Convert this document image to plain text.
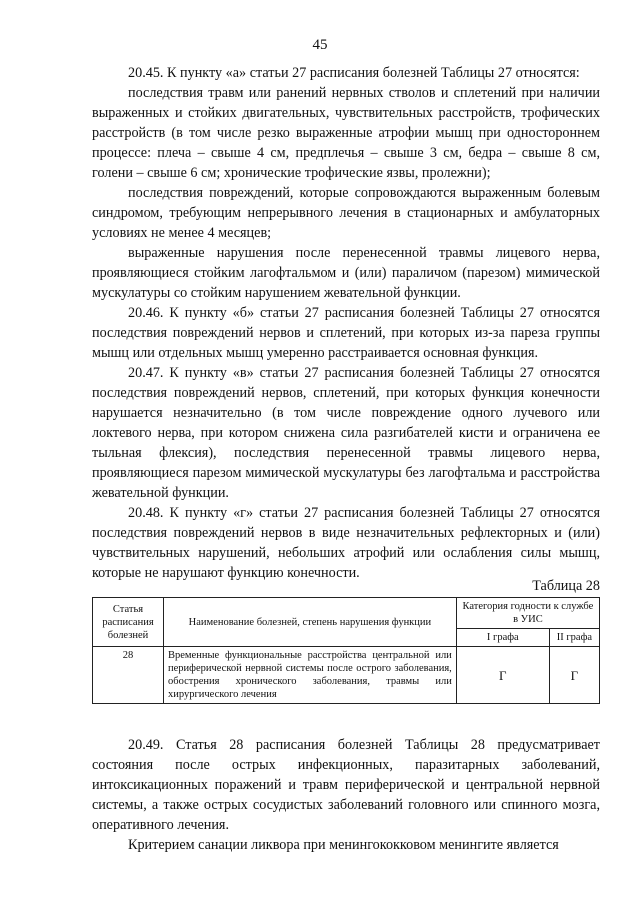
45

20.45. К пункту «а» статьи 27 расписания болезней Таблицы 27 относятся:

последствия травм или ранений нервных стволов и сплетений при наличии выраженных и стойких двигательных, чувствительных расстройств, трофических расстройств (в том числе резко выраженные атрофии мышц при одностороннем процессе: плеча – свыше 4 см, предплечья – свыше 3 см, бедра – свыше 8 см, голени – свыше 6 см; хронические трофические язвы, пролежни);

последствия повреждений, которые сопровождаются выраженным болевым синдромом, требующим непрерывного лечения в стационарных и амбулаторных условиях не менее 4 месяцев;

выраженные нарушения после перенесенной травмы лицевого нерва, проявляющиеся стойким лагофтальмом и (или) параличом (парезом) мимической мускулатуры со стойким нарушением жевательной функции.

20.46. К пункту «б» статьи 27 расписания болезней Таблицы 27 относятся последствия повреждений нервов и сплетений, при которых из-за пареза группы мышц или отдельных мышц умеренно расстраивается основная функция.

20.47. К пункту «в» статьи 27 расписания болезней Таблицы 27 относятся последствия повреждений нервов, сплетений, при которых функция конечности нарушается незначительно (в том числе повреждение одного лучевого или локтевого нерва, при котором снижена сила разгибателей кисти и ограничена ее тыльная флексия), последствия перенесенной травмы лицевого нерва, проявляющиеся парезом мимической мускулатуры без лагофтальма и расстройства жевательной функции.

20.48. К пункту «г» статьи 27 расписания болезней Таблицы 27 относятся последствия повреждений нервов в виде незначительных рефлекторных и (или) чувствительных нарушений, небольших атрофий или ослабления силы мышц, которые не нарушают функцию конечности.

Таблица 28
Статья расписания болезней	Наименование болезней, степень нарушения функции	Категория годности к службе в УИС	
		I графа	II графа
28	Временные функциональные расстройства центральной или периферической нервной системы после острого заболевания, обострения хронического заболевания, травмы или хирургического лечения	Г	Г

20.49. Статья 28 расписания болезней Таблицы 28 предусматривает состояния после острых инфекционных, паразитарных заболеваний, интоксикационных поражений и травм периферической и центральной нервной системы, а также острых сосудистых заболеваний головного или спинного мозга, оперативного лечения.

Критерием санации ликвора при менингококковом менингите является
